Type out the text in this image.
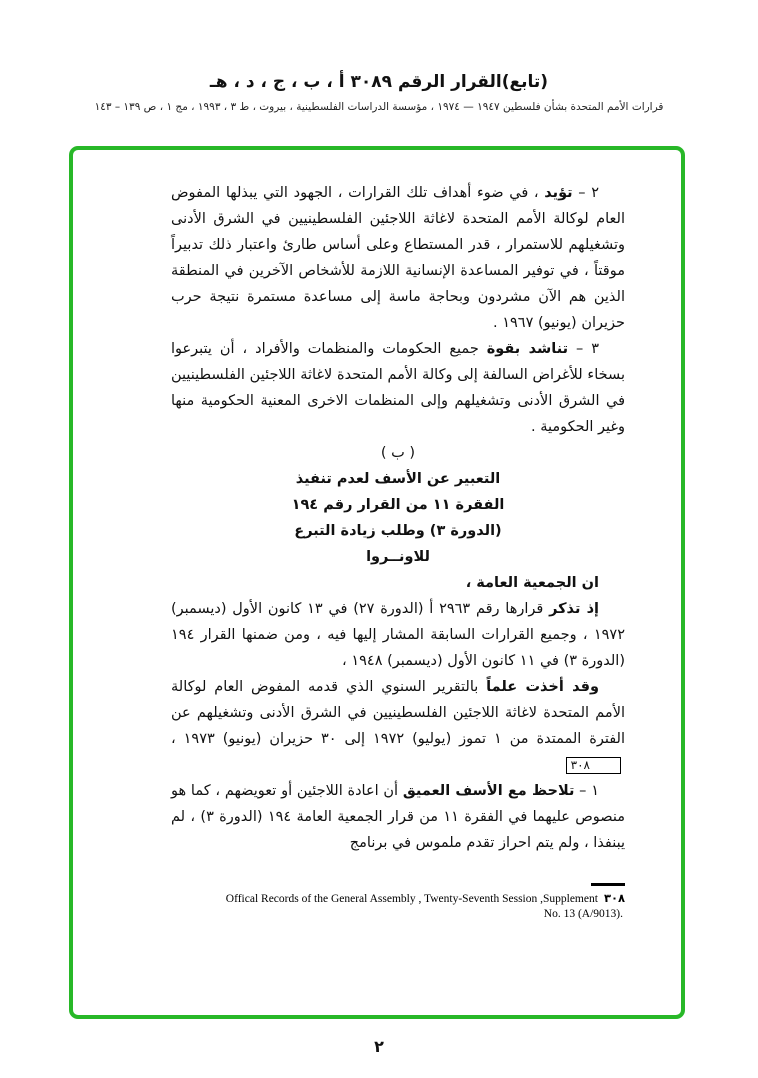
(تابع)القرار الرقم ٣٠٨٩ أ ، ب ، ج ، د ، هـ
قرارات الأمم المتحدة بشأن فلسطين ١٩٤٧ — ١٩٧٤ ، مؤسسة الدراسات الفلسطينية ، بيروت ، ط ٣ ، ١٩٩٣ ، مج ١ ، ص ١٣٩ – ١٤٣

٢ – تؤيد ، في ضوء أهداف تلك القرارات ، الجهود التي يبذلها المفوض العام لوكالة الأمم المتحدة لاغاثة اللاجئين الفلسطينيين في الشرق الأدنى وتشغيلهم للاستمرار ، قدر المستطاع وعلى أساس طارئ واعتبار ذلك تدبيراً موقتاً ، في توفير المساعدة الإنسانية اللازمة للأشخاص الآخرين في المنطقة الذين هم الآن مشردون وبحاجة ماسة إلى مساعدة مستمرة نتيجة حرب حزيران (يونيو) ١٩٦٧ .

٣ – تناشد بقوة جميع الحكومات والمنظمات والأفراد ، أن يتبرعوا بسخاء للأغراض السالفة إلى وكالة الأمم المتحدة لاغاثة اللاجئين الفلسطينيين في الشرق الأدنى وتشغيلهم وإلى المنظمات الاخرى المعنية الحكومية منها وغير الحكومية .

( ب )

التعبير عن الأسف لعدم تنفيذ

الفقرة ١١ من القرار رقم ١٩٤

(الدورة ٣) وطلب زيادة التبرع

للاونــروا

ان الجمعية العامة ،

إذ تذكر قرارها رقم ٢٩٦٣ أ (الدورة ٢٧) في ١٣ كانون الأول (ديسمبر) ١٩٧٢ ، وجميع القرارات السابقة المشار إليها فيه ، ومن ضمنها القرار ١٩٤ (الدورة ٣) في ١١ كانون الأول (ديسمبر) ١٩٤٨ ،

وقد أخذت علماً بالتقرير السنوي الذي قدمه المفوض العام لوكالة الأمم المتحدة لاغاثة اللاجئين الفلسطينيين في الشرق الأدنى وتشغيلهم عن الفترة الممتدة من ١ تموز (يوليو) ١٩٧٢ إلى ٣٠ حزيران (يونيو) ١٩٧٣ ، ٣٠٨

١ – تلاحظ مع الأسف العميق أن اعادة اللاجئين أو تعويضهم ، كما هو منصوص عليهما في الفقرة ١١ من قرار الجمعية العامة ١٩٤ (الدورة ٣) ، لم يبنفذا ، ولم يتم احراز تقدم ملموس في برنامج

Offical Records of the General Assembly , Twenty-Seventh Session ,Supplement ٣٠٨
No. 13 (A/9013).
٢
